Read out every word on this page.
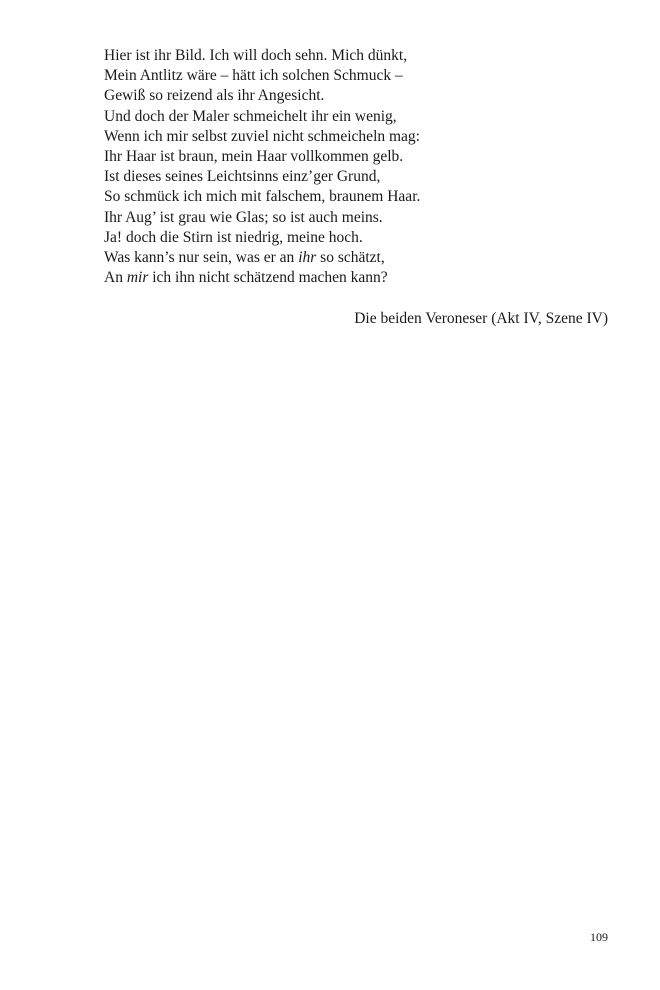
Hier ist ihr Bild. Ich will doch sehn. Mich dünkt,
Mein Antlitz wäre – hätt ich solchen Schmuck –
Gewiß so reizend als ihr Angesicht.
Und doch der Maler schmeichelt ihr ein wenig,
Wenn ich mir selbst zuviel nicht schmeicheln mag:
Ihr Haar ist braun, mein Haar vollkommen gelb.
Ist dieses seines Leichtsinns einz’ger Grund,
So schmück ich mich mit falschem, braunem Haar.
Ihr Aug’ ist grau wie Glas; so ist auch meins.
Ja! doch die Stirn ist niedrig, meine hoch.
Was kann’s nur sein, was er an ihr so schätzt,
An mir ich ihn nicht schätzend machen kann?
Die beiden Veroneser (Akt IV, Szene IV)
109
